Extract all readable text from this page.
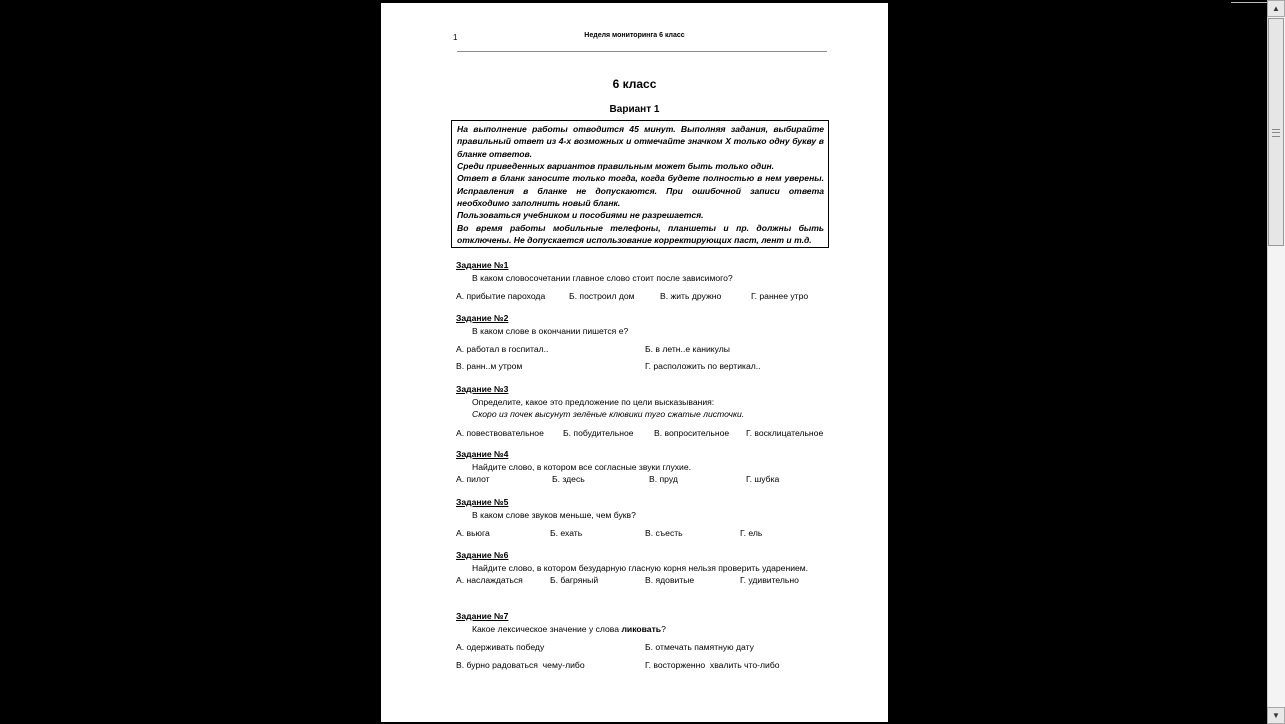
1	Неделя мониторинга 6 класс
6 класс
Вариант 1

На выполнение работы отводится 45 минут. Выполняя задания, выбирайте правильный ответ из 4-х возможных и отмечайте значком Х только одну букву в бланке ответов.

Среди приведенных вариантов правильным может быть только один.

Ответ в бланк заносите только тогда, когда будете полностью в нем уверены. Исправления в бланке не допускаются. При ошибочной записи ответа необходимо заполнить новый бланк.

Пользоваться учебником и пособиями не разрешается.

Во время работы мобильные телефоны, планшеты и пр. должны быть отключены. Не допускается использование корректирующих паст, лент и т.д.

Задание №1
В каком словосочетании главное слово стоит после зависимого?
А. прибытие парохода	Б. построил дом	В. жить дружно	Г. раннее утро
Задание №2
В каком слове в окончании пишется е?
А. работал в госпитал..	Б. в летн..е каникулы
В. ранн..м утром	Г. расположить по вертикал..
Задание №3
Определите, какое это предложение по цели высказывания:
Скоро из почек высунут зелёные клювики тугo сжатые листочки.
А. повествовательное Б. побудительное В. вопросительное Г. восклицательное
Задание №4
Найдите слово, в котором все согласные звуки глухие.
А. пилот	Б. здесь	В. пруд	Г. шубка
Задание №5
В каком слове звуков меньше, чем букв?
А. вьюга	Б. ехать	В. съесть	Г. ель
Задание №6
Найдите слово, в котором безударную гласную корня нельзя проверить ударением.
А. наслаждаться	Б. багряный	В. ядовитые	Г. удивительно
Задание №7
Какое лексическое значение у слова ликовать?
А. одерживать победу	Б. отмечать памятную дату
В. бурно радоваться  чему-либо	Г. восторженно  хвалить что-либо
▲
▼
